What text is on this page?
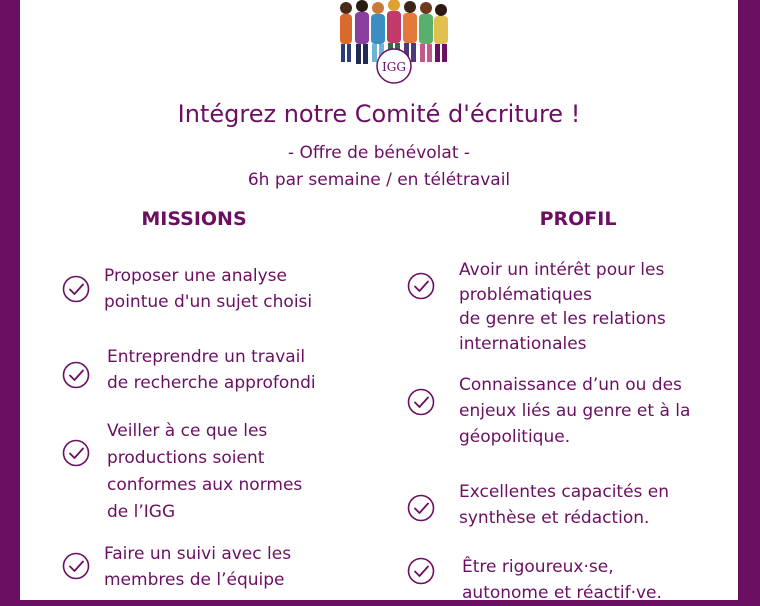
IGG
Intégrez notre Comité d'écriture !
- Offre de bénévolat -
6h par semaine / en télétravail
MISSIONS	PROFIL
Proposer une analyse
pointue d'un sujet choisi
Entreprendre un travail
de recherche approfondi
Veiller à ce que les
productions soient
conformes aux normes
de l’IGG
Faire un suivi avec les
membres de l’équipe
Avoir un intérêt pour les
problématiques
de genre et les relations
internationales
Connaissance d’un ou des
enjeux liés au genre et à la
géopolitique.
Excellentes capacités en
synthèse et rédaction.
Être rigoureux·se,
autonome et réactif·ve.
